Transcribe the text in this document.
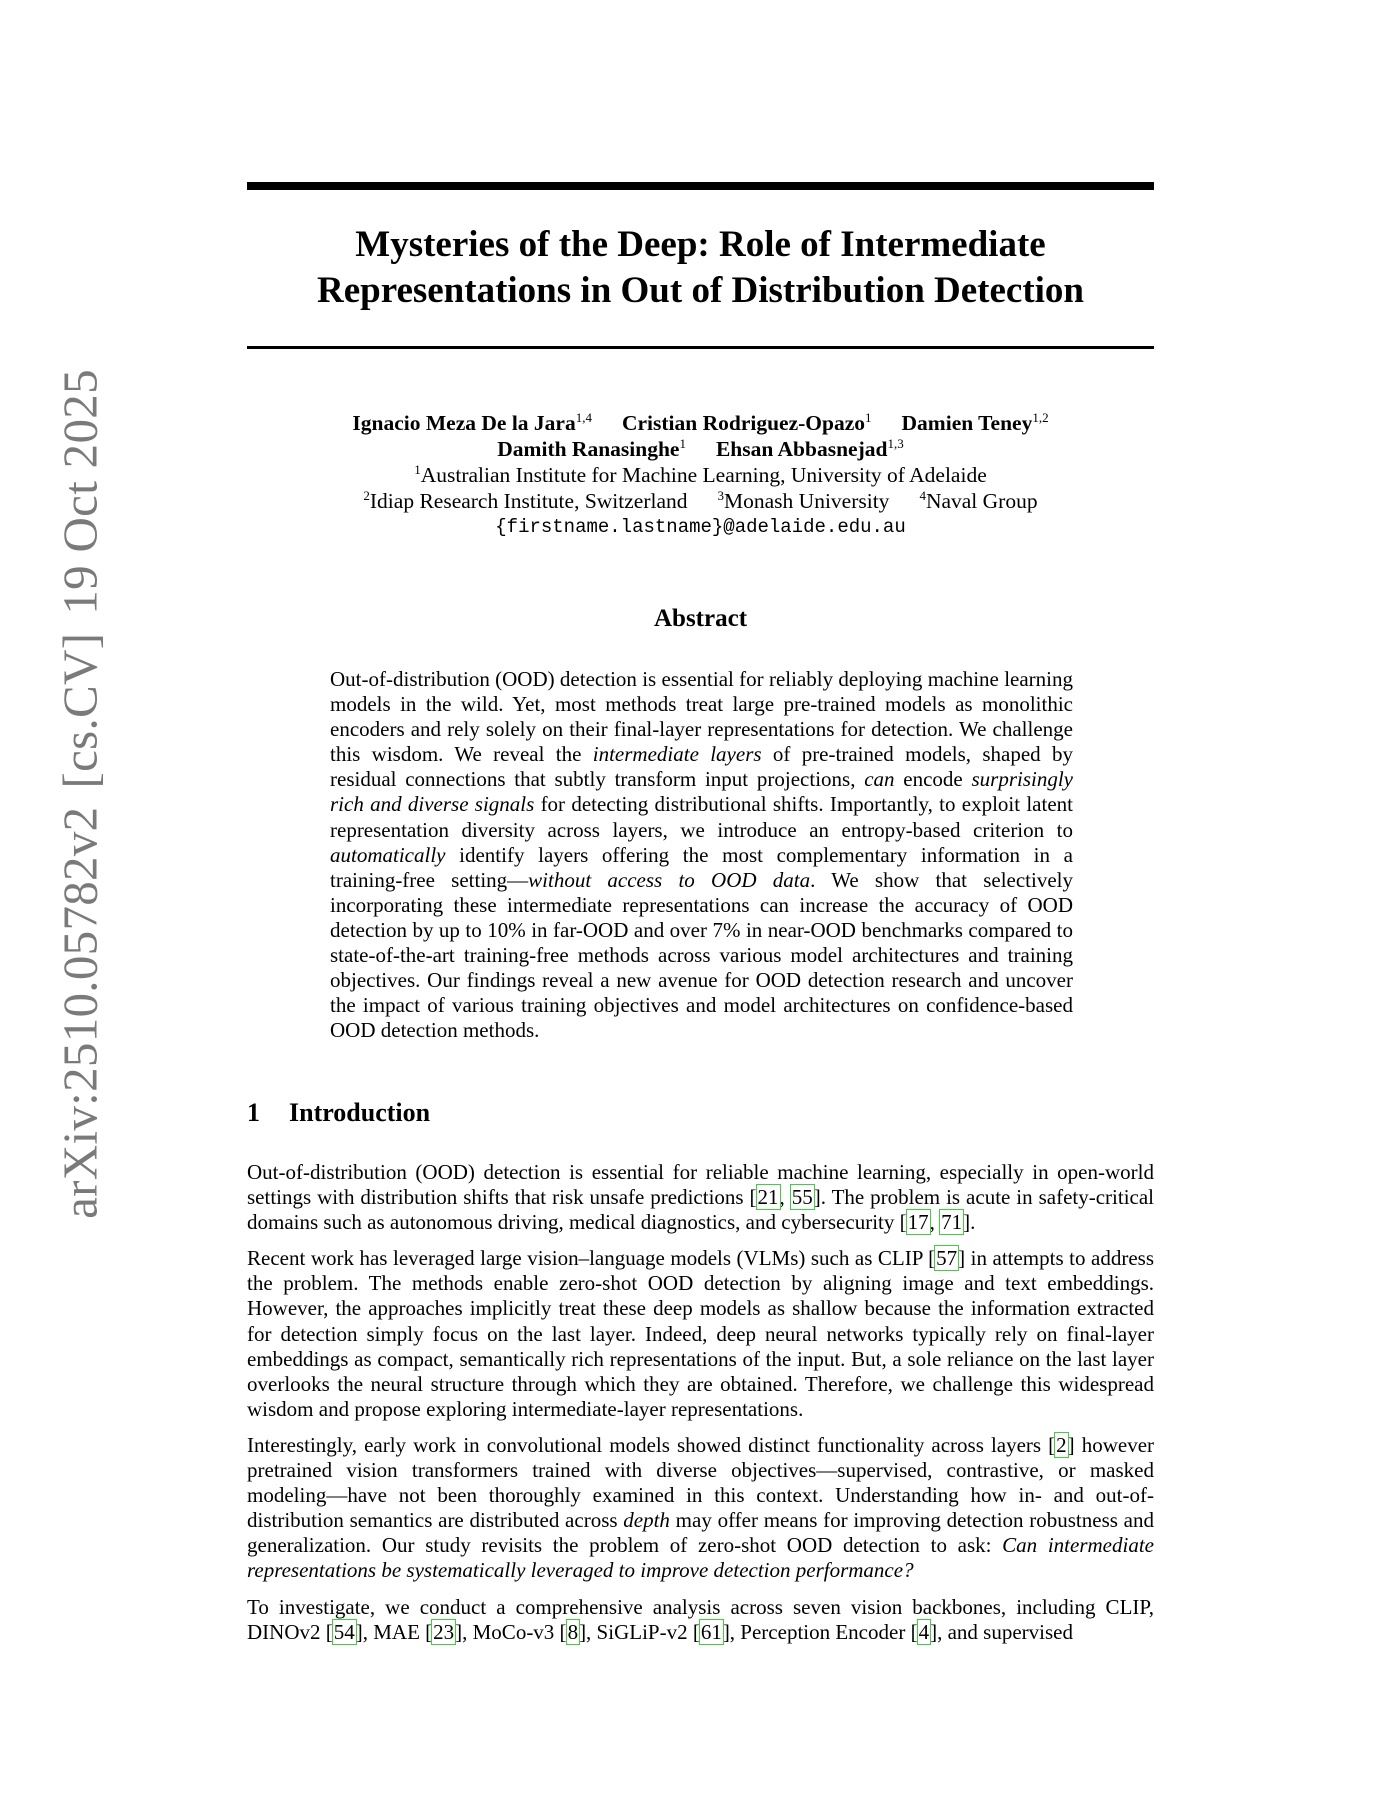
arXiv:2510.05782v2[cs.CV]19 Oct 2025
Mysteries of the Deep: Role of Intermediate
Representations in Out of Distribution Detection
Ignacio Meza De la Jara$^{1,4}$ Cristian Rodriguez-Opazo$^1$ Damien Teney$^{1,2}$
Damith Ranasinghe$^1$ Ehsan Abbasnejad$^{1,3}$
$^1$Australian Institute for Machine Learning, University of Adelaide
$^2$Idiap Research Institute, Switzerland $^3$Monash University $^4$Naval Group
{firstname.lastname}@adelaide.edu.au
Abstract
Out-of-distribution (OOD) detection is essential for reliably deploying machine learning models in the wild. Yet, most methods treat large pre-trained models as monolithic encoders and rely solely on their final-layer representations for detection. We challenge this wisdom. We reveal the intermediate layers of pre-trained models, shaped by residual connections that subtly transform input projections, can encode surprisingly rich and diverse signals for detecting distributional shifts. Importantly, to exploit latent representation diversity across layers, we introduce an entropy-based criterion to automatically identify layers offering the most complementary information in a training-free setting—without access to OOD data. We show that selectively incorporating these intermediate representations can increase the accuracy of OOD detection by up to 10% in far-OOD and over 7% in near-OOD benchmarks compared to state-of-the-art training-free methods across various model architectures and training objectives. Our findings reveal a new avenue for OOD detection research and uncover the impact of various training objectives and model architectures on confidence-based OOD detection methods.
1 Introduction

Out-of-distribution (OOD) detection is essential for reliable machine learning, especially in open-world settings with distribution shifts that risk unsafe predictions [21, 55]. The problem is acute in safety-critical domains such as autonomous driving, medical diagnostics, and cybersecurity [17, 71].

Recent work has leveraged large vision–language models (VLMs) such as CLIP [57] in attempts to address the problem. The methods enable zero-shot OOD detection by aligning image and text embeddings. However, the approaches implicitly treat these deep models as shallow because the information extracted for detection simply focus on the last layer. Indeed, deep neural networks typically rely on final-layer embeddings as compact, semantically rich representations of the input. But, a sole reliance on the last layer overlooks the neural structure through which they are obtained. Therefore, we challenge this widespread wisdom and propose exploring intermediate-layer representations.

Interestingly, early work in convolutional models showed distinct functionality across layers [2] however pretrained vision transformers trained with diverse objectives—supervised, contrastive, or masked modeling—have not been thoroughly examined in this context. Understanding how in- and out-of-distribution semantics are distributed across depth may offer means for improving detection robustness and generalization. Our study revisits the problem of zero-shot OOD detection to ask: Can intermediate representations be systematically leveraged to improve detection performance?

To investigate, we conduct a comprehensive analysis across seven vision backbones, including CLIP, DINOv2 [54], MAE [23], MoCo-v3 [8], SiGLiP-v2 [61], Perception Encoder [4], and supervised
